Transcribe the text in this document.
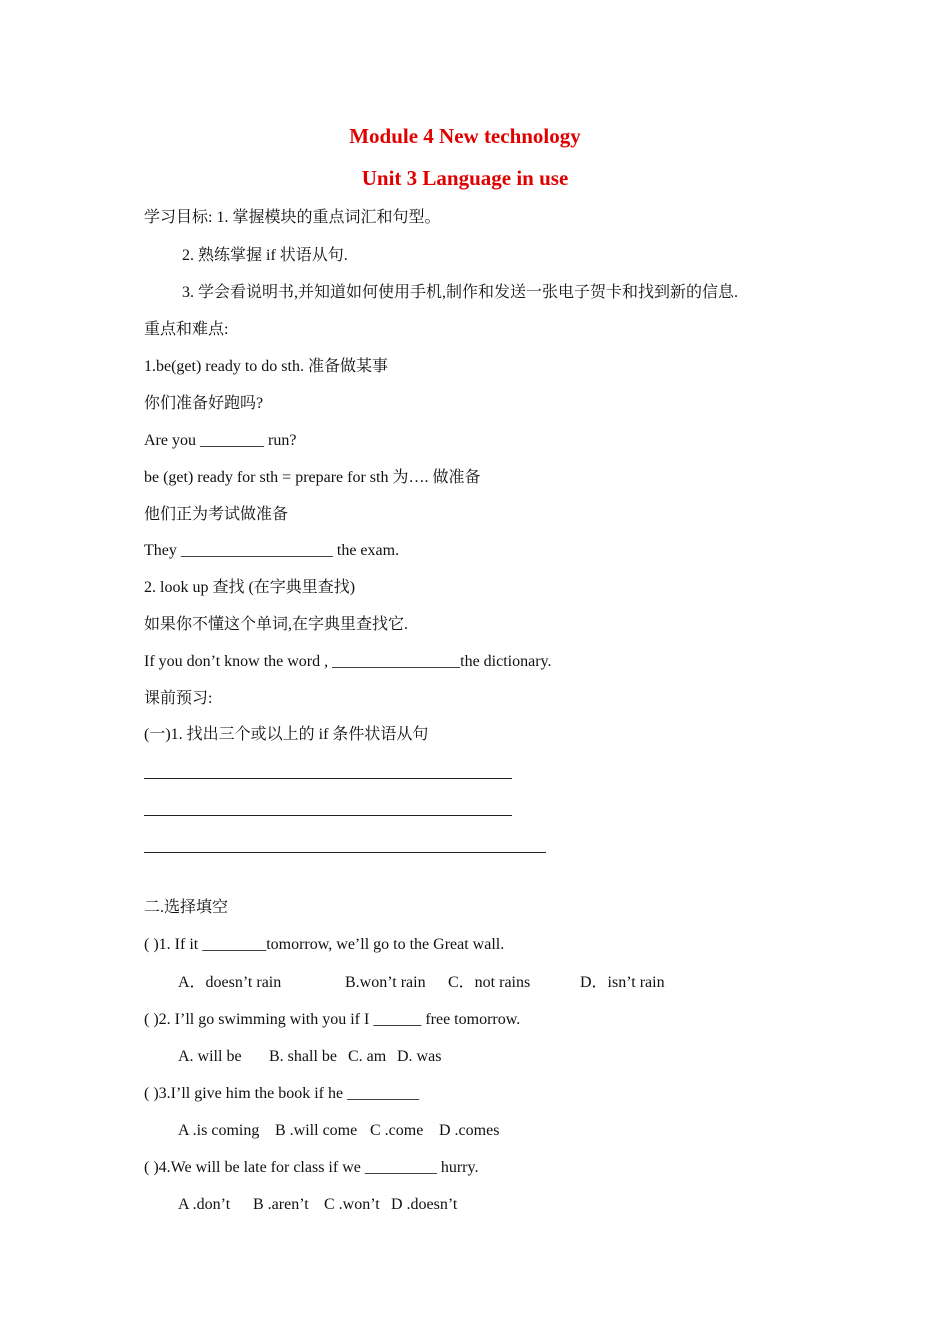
Module 4 New technology
Unit 3 Language in use
学习目标: 1. 掌握模块的重点词汇和句型。
2. 熟练掌握 if 状语从句.
3. 学会看说明书,并知道如何使用手机,制作和发送一张电子贺卡和找到新的信息.
重点和难点:
1.be(get) ready to do sth. 准备做某事
你们准备好跑吗?
Are you ________ run?
be (get) ready for sth = prepare for sth 为…. 做准备
他们正为考试做准备
They ___________________ the exam.
2. look up 查找 (在字典里查找)
如果你不懂这个单词,在字典里查找它.
If you don’t know the word , ________________the dictionary.
课前预习:
(一)1. 找出三个或以上的 if 条件状语从句
二.选择填空
( )1. If it ________tomorrow, we’ll go to the Great wall.
A．doesn’t rain	B.won’t rain C．not rains	D．isn’t rain
( )2. I’ll go swimming with you if I ______ free tomorrow.
A. will be B. shall be C. am D. was
( )3.I’ll give him the book if he _________
A .is coming B .will come C .come D .comes
( )4.We will be late for class if we _________ hurry.
A .don’t B .aren’t C .won’t D .doesn’t
